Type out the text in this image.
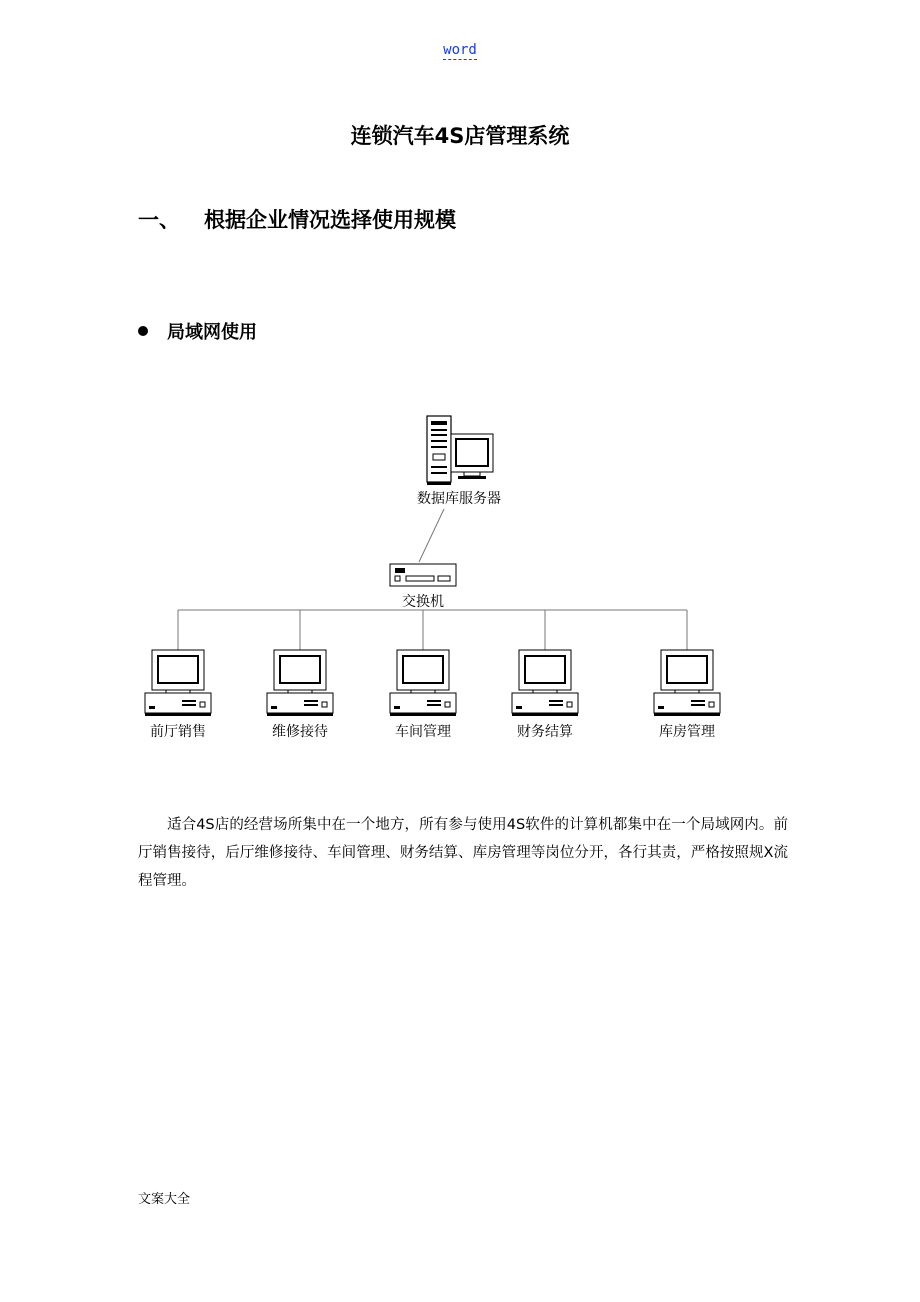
word
连锁汽车4S店管理系统
一、 根据企业情况选择使用规模
局域网使用
数据库服务器
交换机
前厅销售	维修接待	车间管理	财务结算	库房管理

适合4S店的经营场所集中在一个地方，所有参与使用4S软件的计算机都集中在一个局域网内。前厅销售接待，后厅维修接待、车间管理、财务结算、库房管理等岗位分开，各行其责，严格按照规X流程管理。

文案大全
